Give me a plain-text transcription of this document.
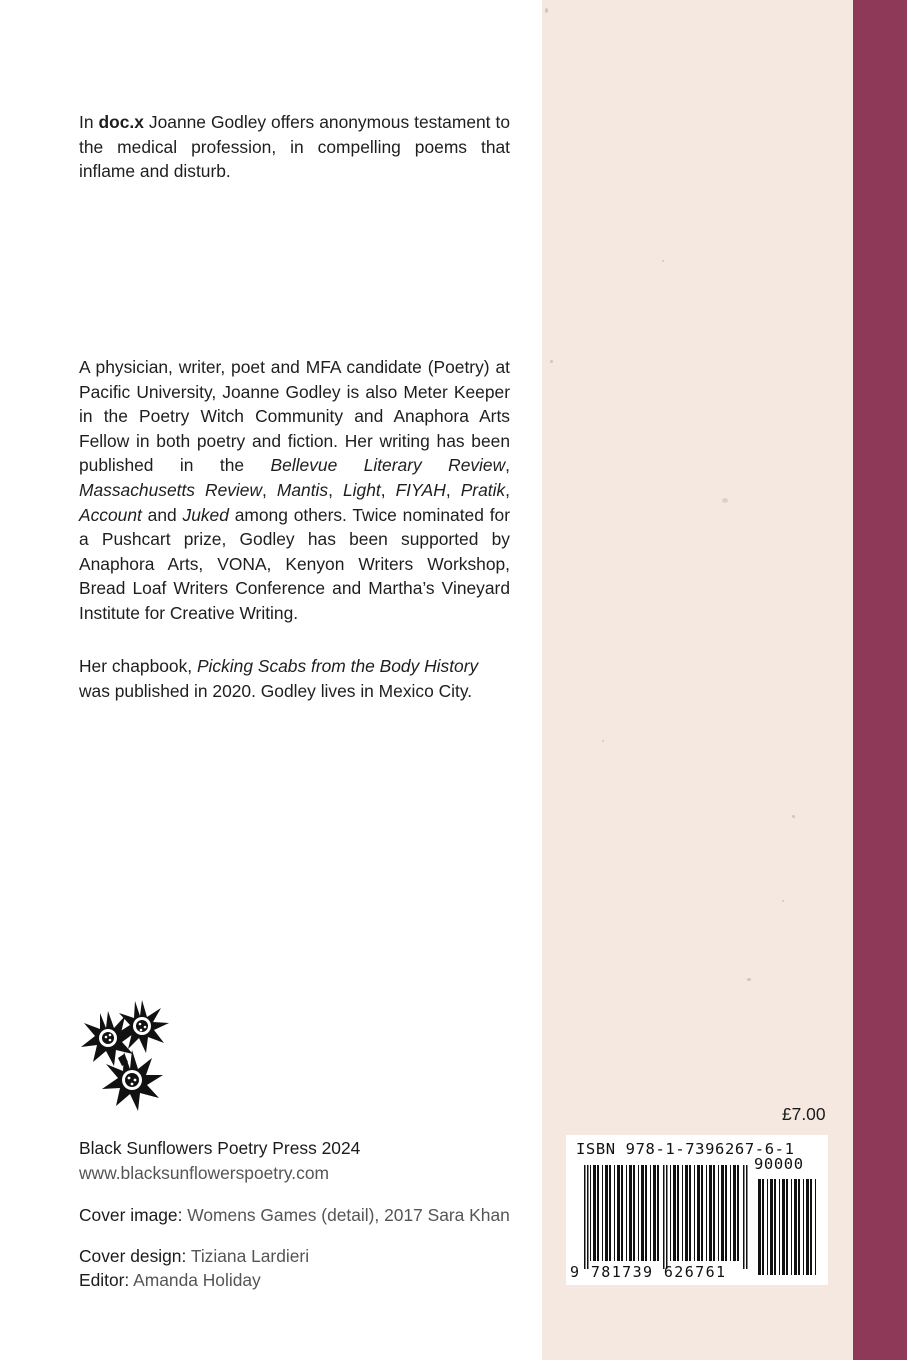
In doc.x Joanne Godley offers anonymous testament to the medical profession, in compelling poems that inflame and disturb.

A physician, writer, poet and MFA candidate (Poetry) at Pacific University, Joanne Godley is also Meter Keeper in the Poetry Witch Community and Anaphora Arts Fellow in both poetry and fiction. Her writing has been published in the Bellevue Literary Review, Massachusetts Review, Mantis, Light, FIYAH, Pratik, Account and Juked among others. Twice nominated for a Pushcart prize, Godley has been supported by Anaphora Arts, VONA, Kenyon Writers Workshop, Bread Loaf Writers Conference and Martha’s Vineyard Institute for Creative Writing.

Her chapbook, Picking Scabs from the Body History was published in 2020. Godley lives in Mexico City.

Black Sunflowers Poetry Press 2024
www.blacksunflowerspoetry.com
Cover image: Womens Games (detail), 2017 Sara Khan
Cover design: Tiziana Lardieri
Editor: Amanda Holiday
£7.00
ISBN 978-1-7396267-6-1
90000
9 781739 626761
